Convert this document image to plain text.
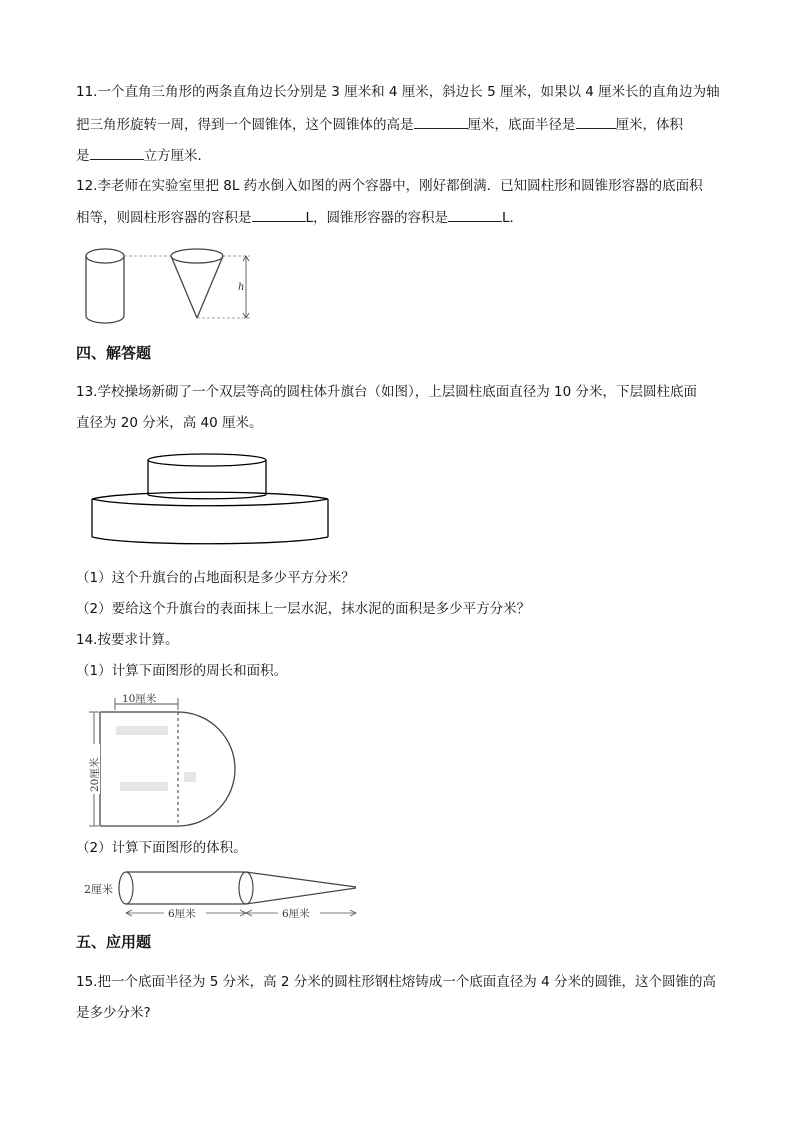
11.一个直角三角形的两条直角边长分别是 3 厘米和 4 厘米，斜边长 5 厘米，如果以 4 厘米长的直角边为轴
把三角形旋转一周，得到一个圆锥体，这个圆锥体的高是	厘米，底面半径是	厘米，体积
是	立方厘米．
12.李老师在实验室里把 8L 药水倒入如图的两个容器中，刚好都倒满．已知圆柱形和圆锥形容器的底面积
相等，则圆柱形容器的容积是	L，圆锥形容器的容积是	L．
h
四、解答题
13.学校操场新砌了一个双层等高的圆柱体升旗台（如图），上层圆柱底面直径为 10 分米，下层圆柱底面
直径为 20 分米，高 40 厘米。
（1）这个升旗台的占地面积是多少平方分米？
（2）要给这个升旗台的表面抹上一层水泥，抹水泥的面积是多少平方分米？
14.按要求计算。
（1）计算下面图形的周长和面积。
10厘米
20厘米
（2）计算下面图形的体积。
2厘米
6厘米	6厘米
五、应用题
15.把一个底面半径为 5 分米，高 2 分米的圆柱形钢柱熔铸成一个底面直径为 4 分米的圆锥，这个圆锥的高
是多少分米?
